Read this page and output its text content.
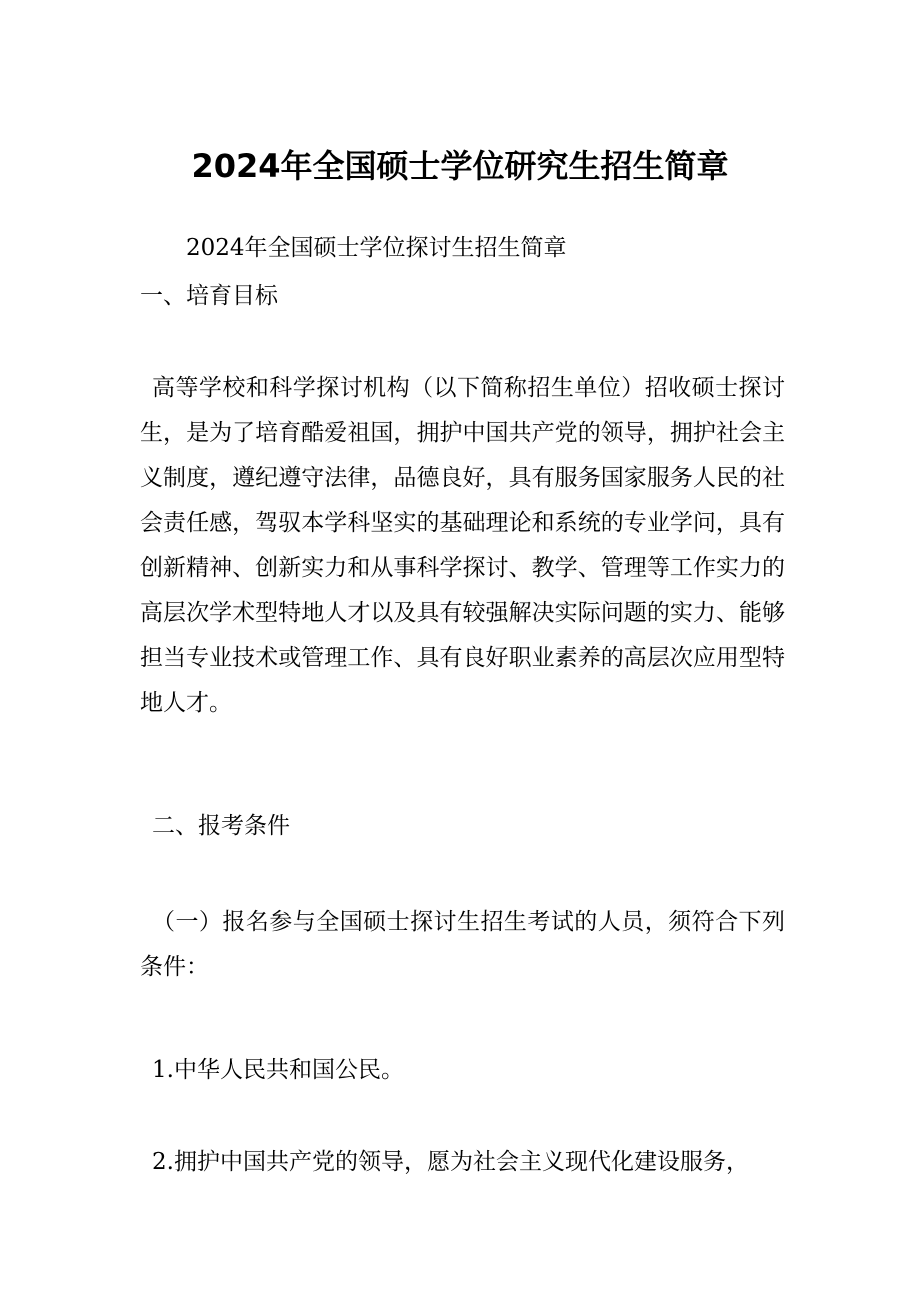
2024年全国硕士学位研究生招生简章

2024年全国硕士学位探讨生招生简章

一、培育目标

高等学校和科学探讨机构（以下简称招生单位）招收硕士探讨生，是为了培育酷爱祖国，拥护中国共产党的领导，拥护社会主义制度，遵纪遵守法律，品德良好，具有服务国家服务人民的社会责任感，驾驭本学科坚实的基础理论和系统的专业学问，具有创新精神、创新实力和从事科学探讨、教学、管理等工作实力的高层次学术型特地人才以及具有较强解决实际问题的实力、能够担当专业技术或管理工作、具有良好职业素养的高层次应用型特地人才。

二、报考条件

（一）报名参与全国硕士探讨生招生考试的人员，须符合下列条件：

1.中华人民共和国公民。

2.拥护中国共产党的领导，愿为社会主义现代化建设服务，
